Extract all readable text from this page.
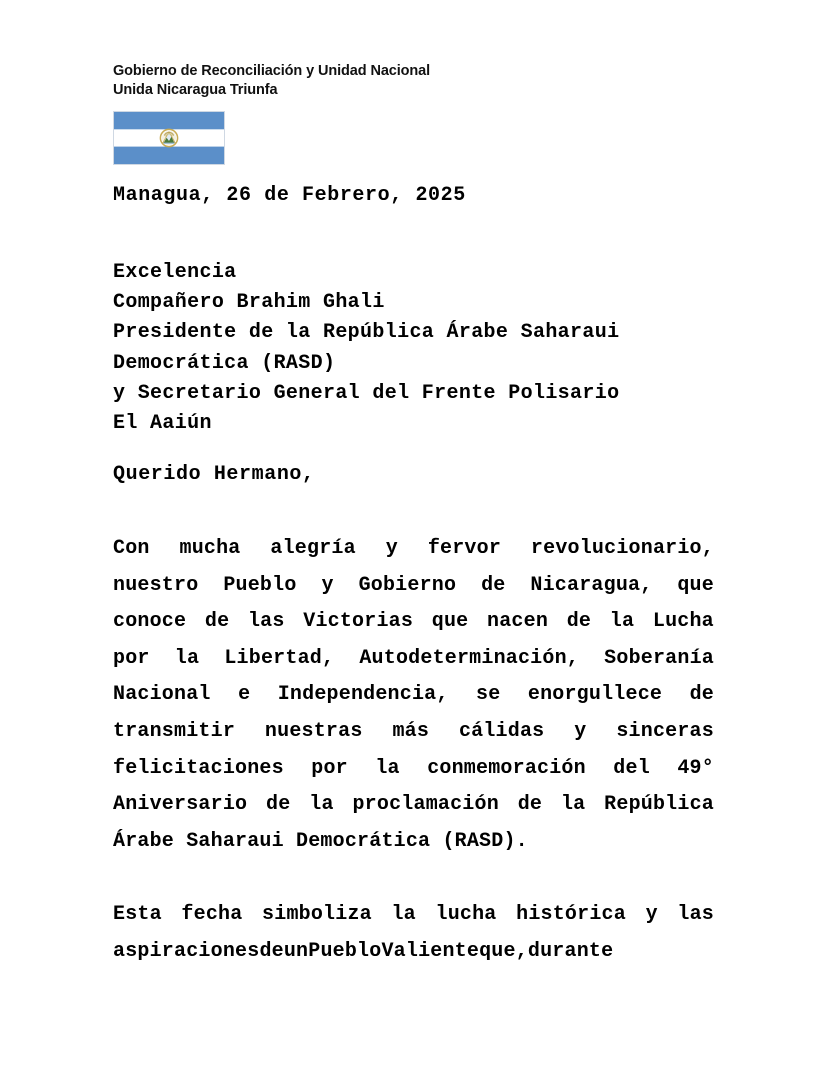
Gobierno de Reconciliación y Unidad Nacional
Unida Nicaragua Triunfa
Managua, 26 de Febrero, 2025
Excelencia
Compañero Brahim Ghali
Presidente de la República Árabe Saharaui
Democrática (RASD)
y Secretario General del Frente Polisario
El Aaiún
Querido Hermano,
Con mucha alegría y fervor revolucionario,
nuestro Pueblo y Gobierno de Nicaragua, que
conoce de las Victorias que nacen de la Lucha
por la Libertad, Autodeterminación, Soberanía
Nacional e Independencia, se enorgullece de
transmitir nuestras más cálidas y sinceras
felicitaciones por la conmemoración del 49°
Aniversario de la proclamación de la República
Árabe Saharaui Democrática (RASD).
Esta fecha simboliza la lucha histórica y las
aspiraciones de un Pueblo Valiente que, durante
